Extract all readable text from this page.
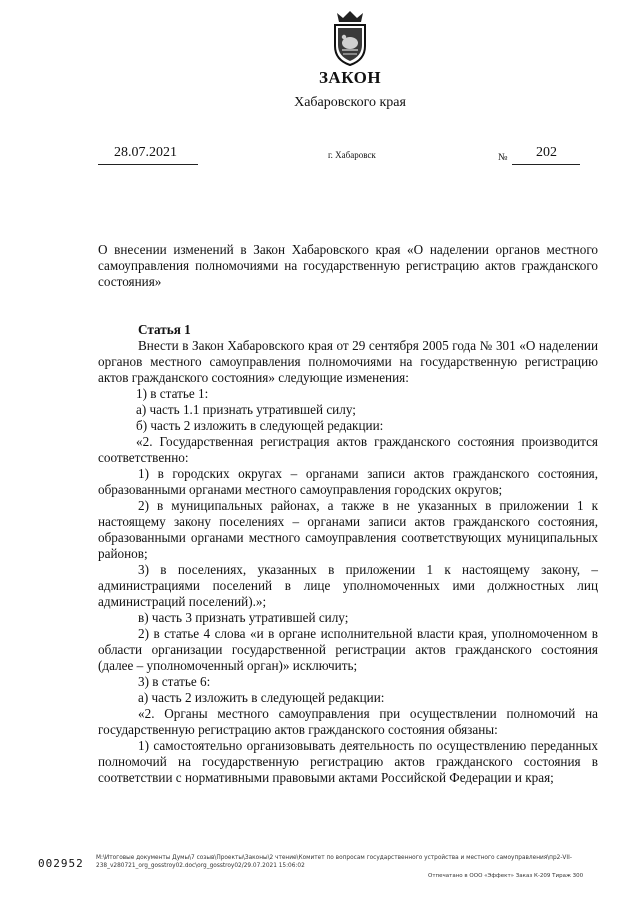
ЗАКОН
Хабаровского края
28.07.2021	г. Хабаровск	№ 202
О внесении изменений в Закон Хабаровского края «О наделении органов местного самоуправления полномочиями на государственную регистрацию актов гражданского состояния»

Статья 1

Внести в Закон Хабаровского края от 29 сентября 2005 года № 301 «О наделении органов местного самоуправления полномочиями на государственную регистрацию актов гражданского состояния» следующие изменения:

1) в статье 1:

а) часть 1.1 признать утратившей силу;

б) часть 2 изложить в следующей редакции:

«2. Государственная регистрация актов гражданского состояния производится соответственно:

1) в городских округах – органами записи актов гражданского состояния, образованными органами местного самоуправления городских округов;

2) в муниципальных районах, а также в не указанных в приложении 1 к настоящему закону поселениях – органами записи актов гражданского состояния, образованными органами местного самоуправления соответствующих муниципальных районов;

3) в поселениях, указанных в приложении 1 к настоящему закону, – администрациями поселений в лице уполномоченных ими должностных лиц администраций поселений).»;

в) часть 3 признать утратившей силу;

2) в статье 4 слова «и в органе исполнительной власти края, уполномоченном в области организации государственной регистрации актов гражданского состояния (далее – уполномоченный орган)» исключить;

3) в статье 6:

а) часть 2 изложить в следующей редакции:

«2. Органы местного самоуправления при осуществлении полномочий на государственную регистрацию актов гражданского состояния обязаны:

1) самостоятельно организовывать деятельность по осуществлению переданных полномочий на государственную регистрацию актов гражданского состояния в соответствии с нормативными правовыми актами Российской Федерации и края;

002952 M:\Итоговые документы Думы\7 созыв\Проекты\Законы\2 чтение\Комитет по вопросам государственного устройства и местного самоуправления\пр2-VII-238_v280721_org_gosstroy02.doc\org_gosstroy02/29.07.2021 15:06:02
Отпечатано в ООО «Эффект» Заказ К-209 Тираж 300
